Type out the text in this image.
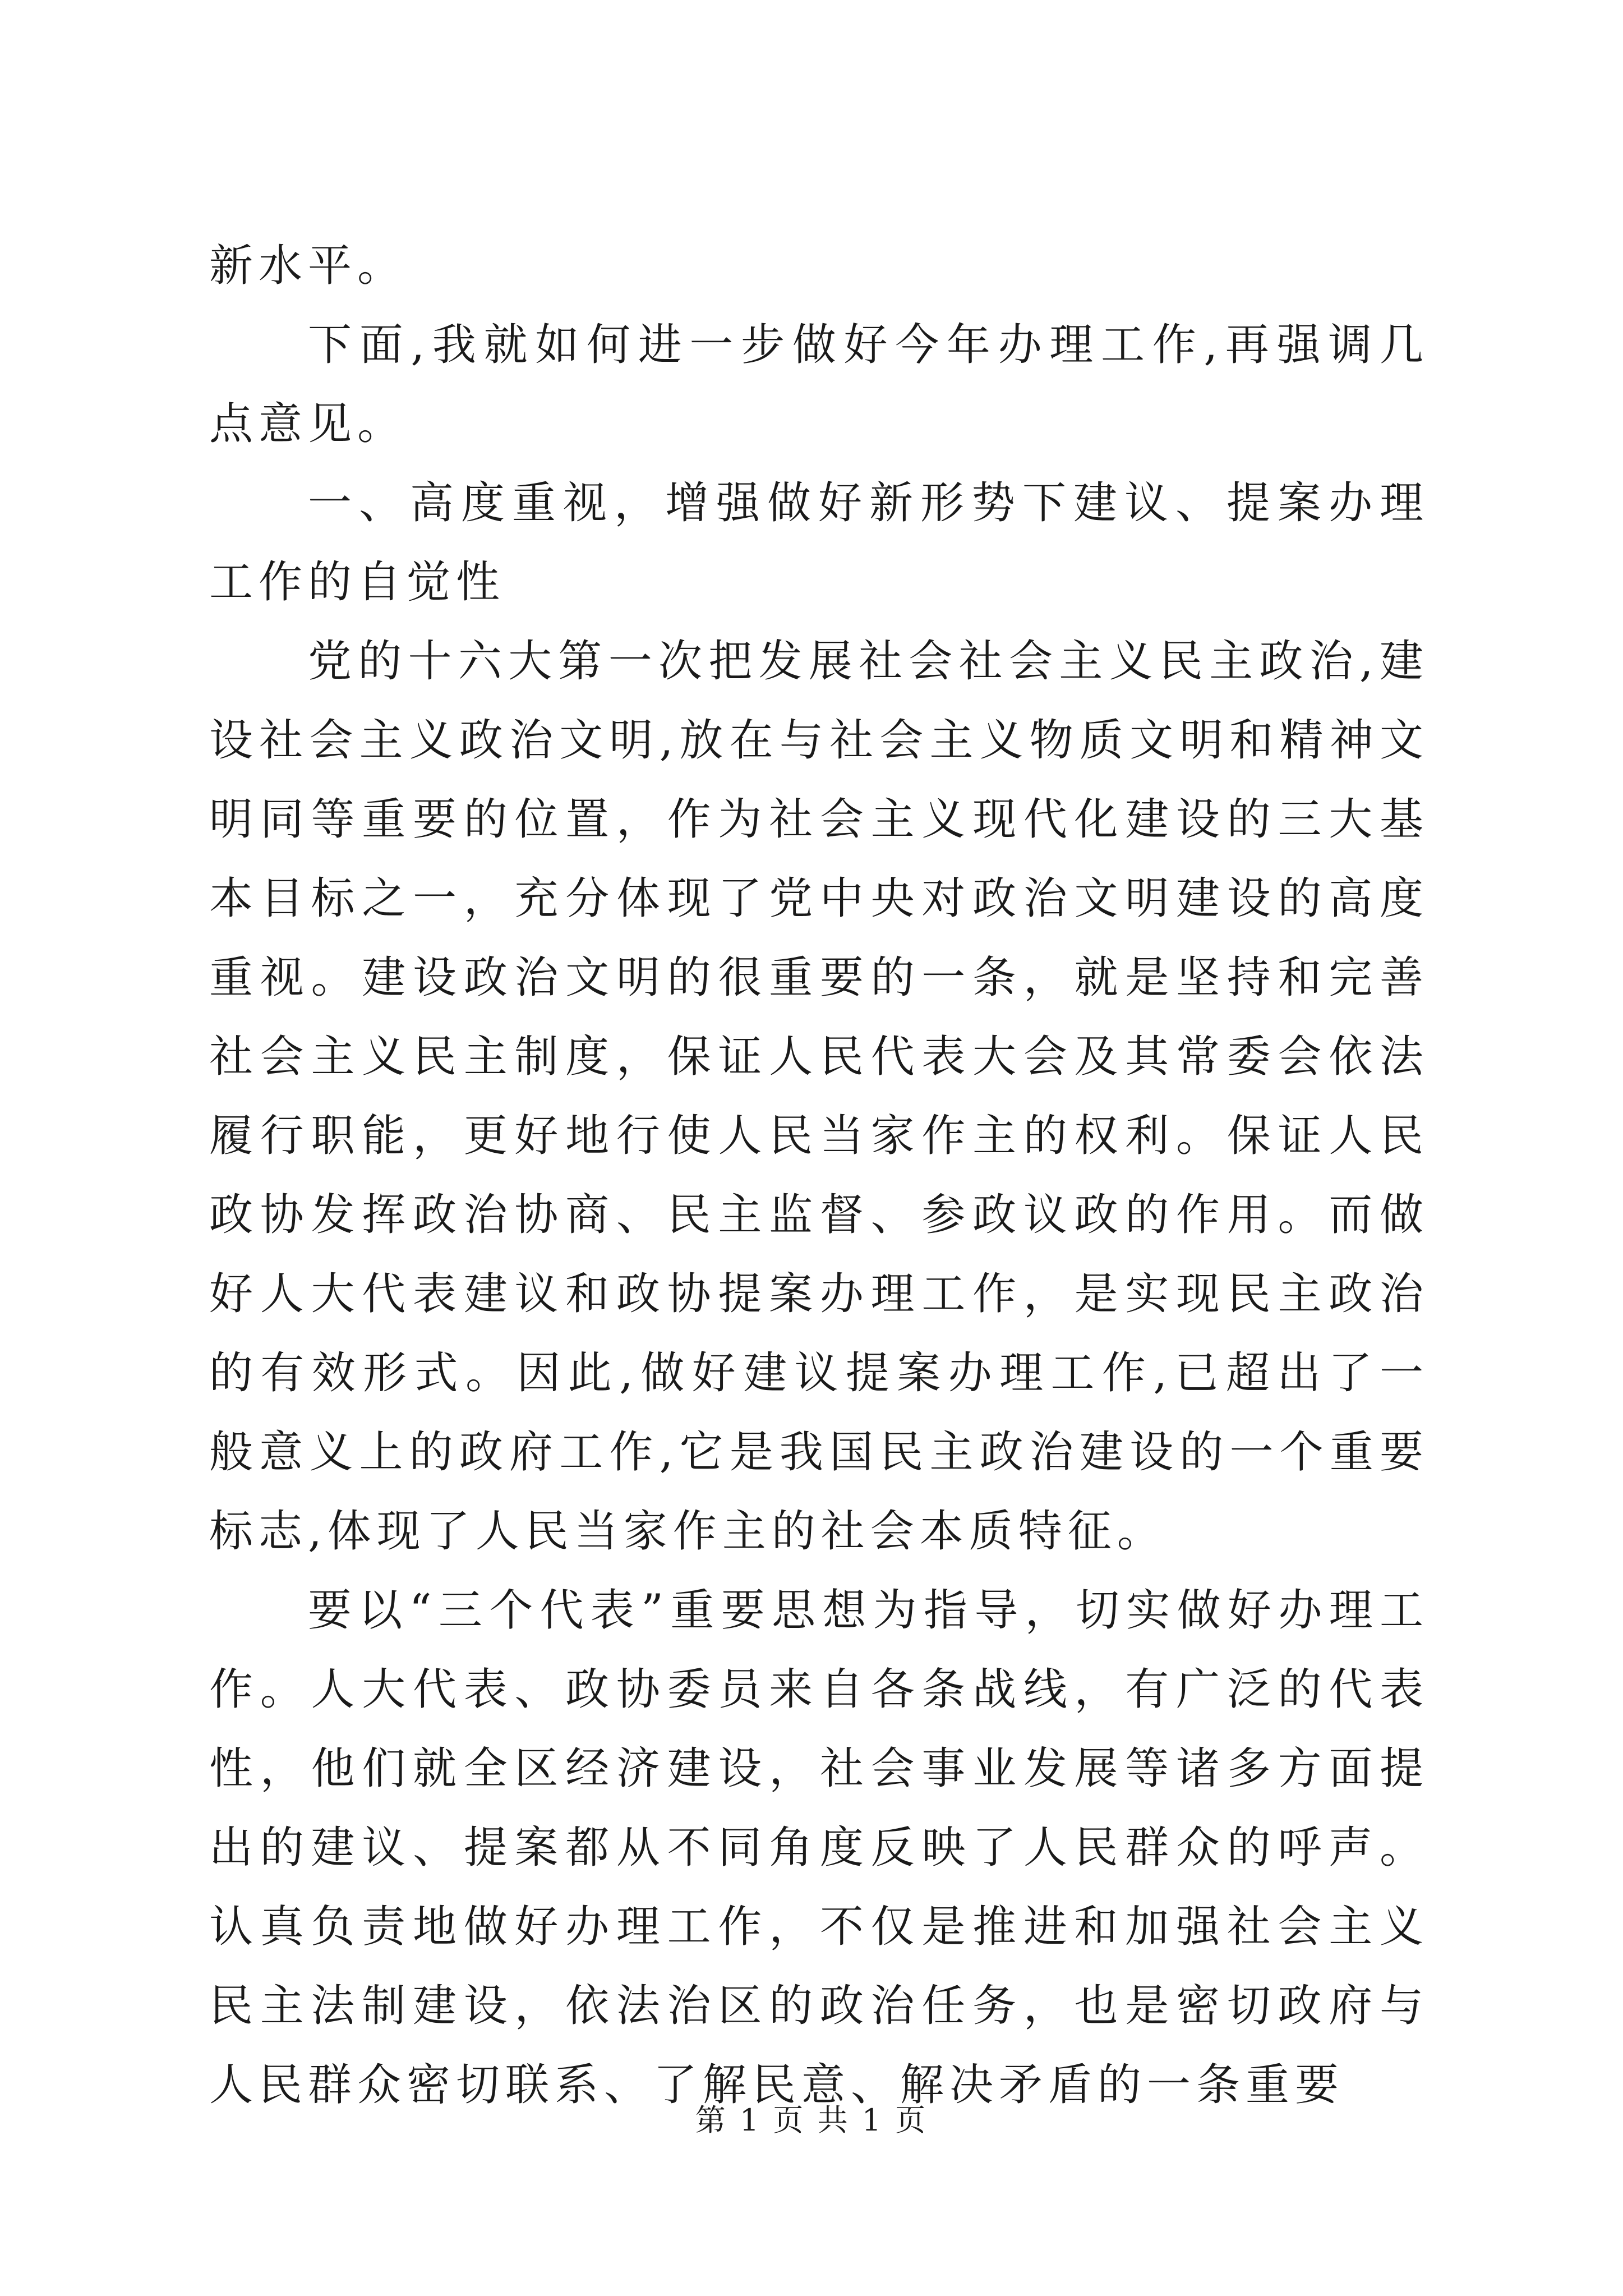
新水平。

下面,我就如何进一步做好今年办理工作,再强调几点意见。

一、高度重视，增强做好新形势下建议、提案办理工作的自觉性

党的十六大第一次把发展社会社会主义民主政治,建设社会主义政治文明,放在与社会主义物质文明和精神文明同等重要的位置，作为社会主义现代化建设的三大基本目标之一，充分体现了党中央对政治文明建设的高度重视。建设政治文明的很重要的一条，就是坚持和完善社会主义民主制度，保证人民代表大会及其常委会依法履行职能，更好地行使人民当家作主的权利。保证人民政协发挥政治协商、民主监督、参政议政的作用。而做好人大代表建议和政协提案办理工作，是实现民主政治的有效形式。因此,做好建议提案办理工作,已超出了一般意义上的政府工作,它是我国民主政治建设的一个重要标志,体现了人民当家作主的社会本质特征。

要以“三个代表”重要思想为指导，切实做好办理工作。人大代表、政协委员来自各条战线，有广泛的代表性，他们就全区经济建设，社会事业发展等诸多方面提出的建议、提案都从不同角度反映了人民群众的呼声。认真负责地做好办理工作，不仅是推进和加强社会主义民主法制建设，依法治区的政治任务，也是密切政府与人民群众密切联系、了解民意、解决矛盾的一条重要

第 1 页 共 1 页
